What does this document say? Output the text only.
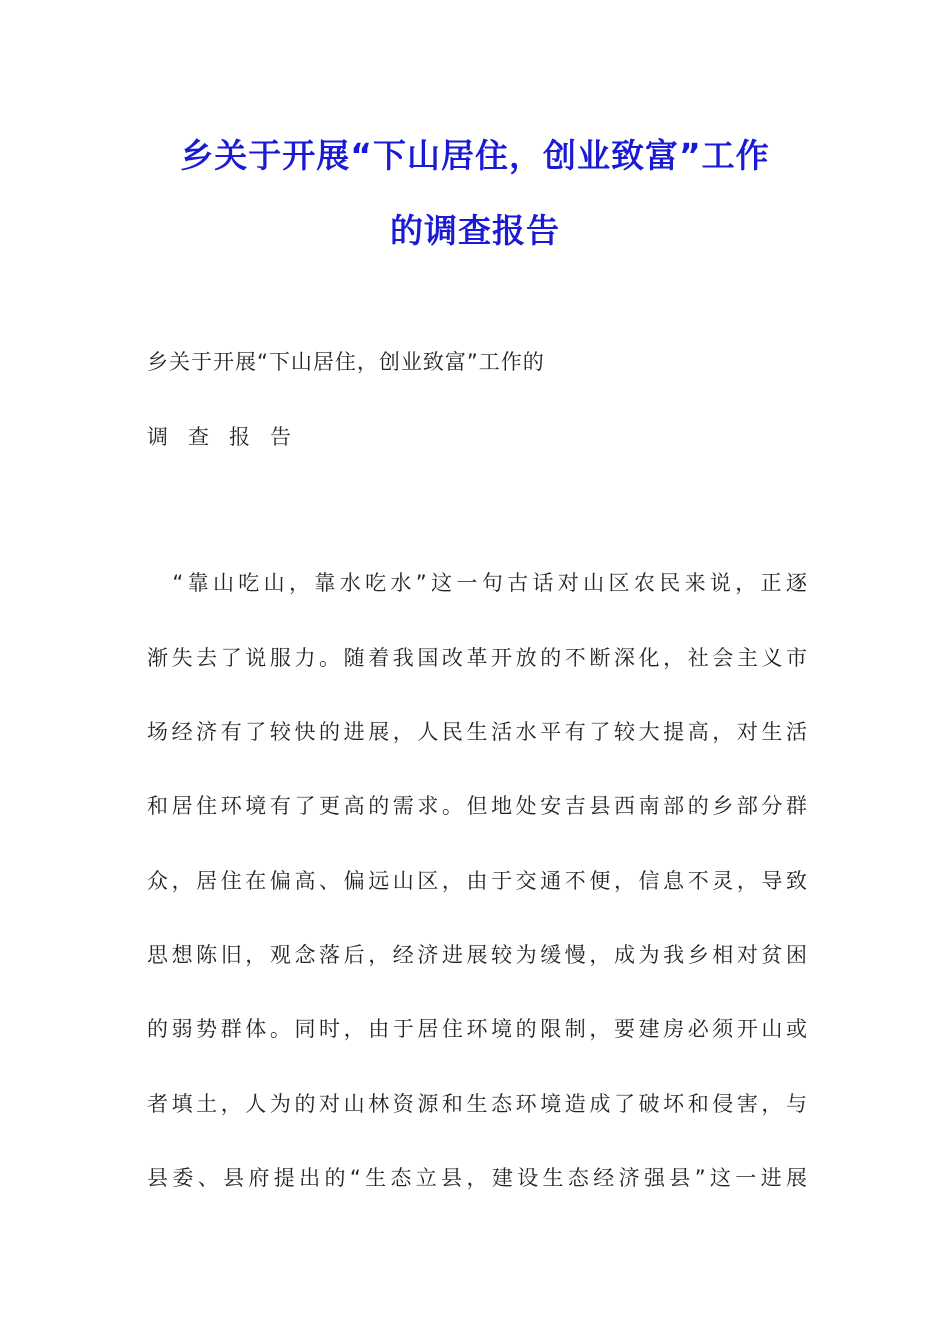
乡关于开展“下山居住，创业致富”工作
的调查报告
乡关于开展“下山居住，创业致富”工作的
调查报告
　“靠山吃山，靠水吃水”这一句古话对山区农民来说，正逐
渐失去了说服力。随着我国改革开放的不断深化，社会主义市
场经济有了较快的进展，人民生活水平有了较大提高，对生活
和居住环境有了更高的需求。但地处安吉县西南部的乡部分群
众，居住在偏高、偏远山区，由于交通不便，信息不灵，导致
思想陈旧，观念落后，经济进展较为缓慢，成为我乡相对贫困
的弱势群体。同时，由于居住环境的限制，要建房必须开山或
者填土，人为的对山林资源和生态环境造成了破坏和侵害，与
县委、县府提出的“生态立县，建设生态经济强县”这一进展
